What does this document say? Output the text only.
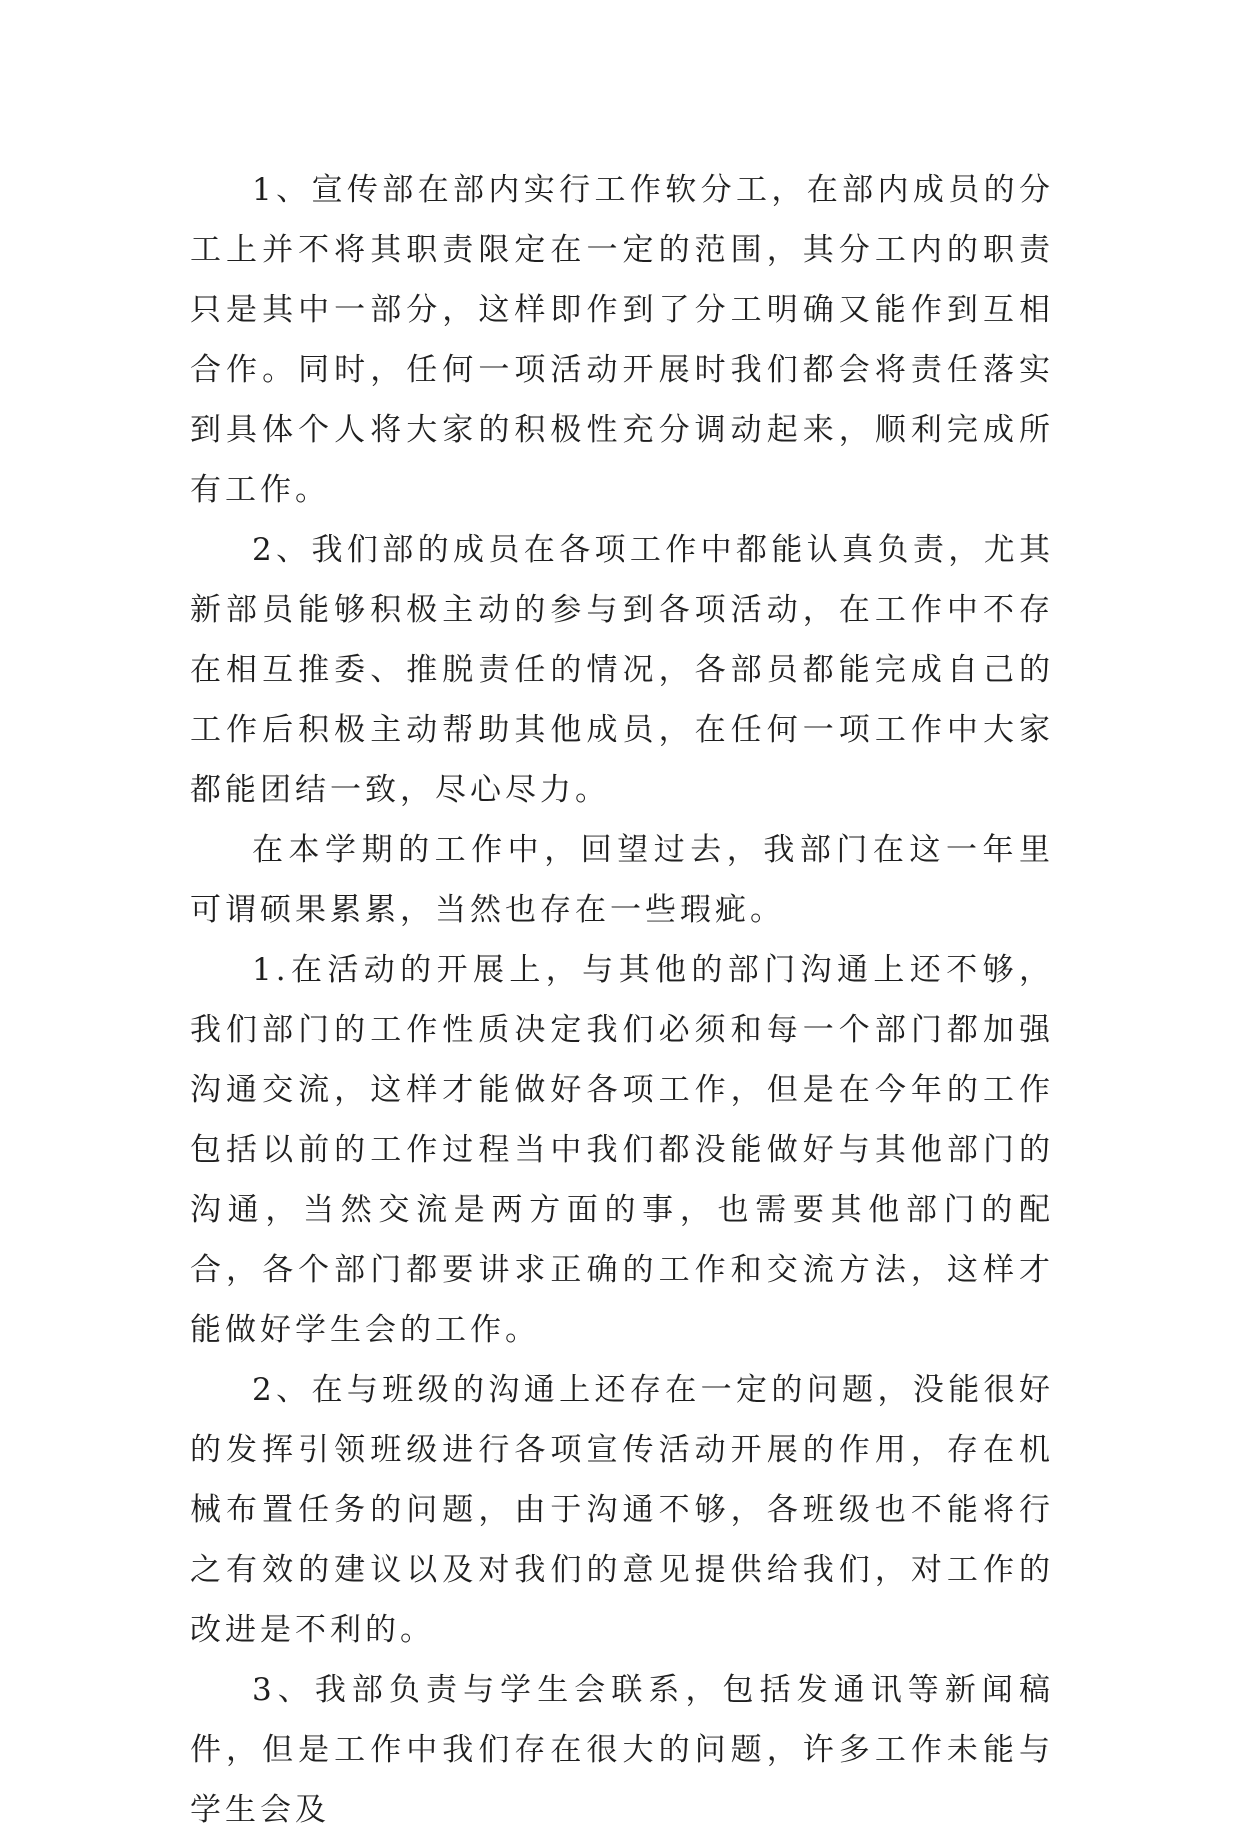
1、宣传部在部内实行工作软分工，在部内成员的分工上并不将其职责限定在一定的范围，其分工内的职责只是其中一部分，这样即作到了分工明确又能作到互相合作。同时，任何一项活动开展时我们都会将责任落实到具体个人将大家的积极性充分调动起来，顺利完成所有工作。

2、我们部的成员在各项工作中都能认真负责，尤其新部员能够积极主动的参与到各项活动，在工作中不存在相互推委、推脱责任的情况，各部员都能完成自己的工作后积极主动帮助其他成员，在任何一项工作中大家都能团结一致，尽心尽力。

在本学期的工作中，回望过去，我部门在这一年里可谓硕果累累，当然也存在一些瑕疵。

1.在活动的开展上，与其他的部门沟通上还不够，我们部门的工作性质决定我们必须和每一个部门都加强沟通交流，这样才能做好各项工作，但是在今年的工作包括以前的工作过程当中我们都没能做好与其他部门的沟通，当然交流是两方面的事，也需要其他部门的配合，各个部门都要讲求正确的工作和交流方法，这样才能做好学生会的工作。

2、在与班级的沟通上还存在一定的问题，没能很好的发挥引领班级进行各项宣传活动开展的作用，存在机械布置任务的问题，由于沟通不够，各班级也不能将行之有效的建议以及对我们的意见提供给我们，对工作的改进是不利的。

3、我部负责与学生会联系，包括发通讯等新闻稿件，但是工作中我们存在很大的问题，许多工作未能与学生会及
